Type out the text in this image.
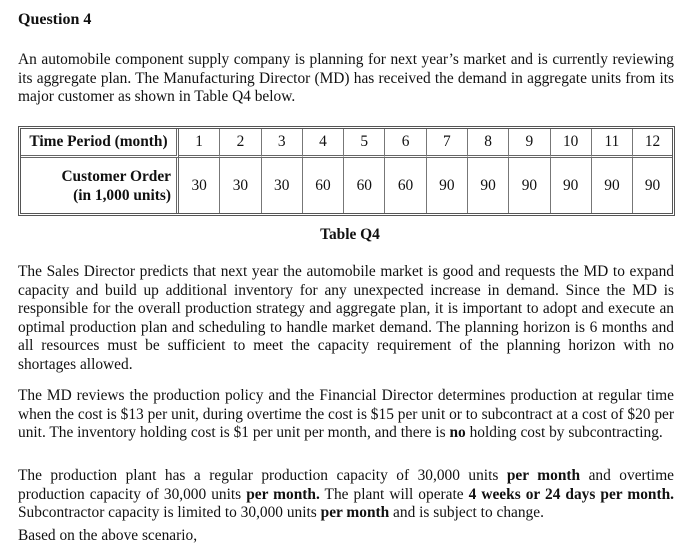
Question 4

An automobile component supply company is planning for next year’s market and is currently reviewing its aggregate plan. The Manufacturing Director (MD) has received the demand in aggregate units from its major customer as shown in Table Q4 below.

Time Period (month)	1	2	3	4	5	6	7	8	9	10	11	12
Customer Order
(in 1,000 units)	30	30	30	60	60	60	90	90	90	90	90	90
Table Q4

The Sales Director predicts that next year the automobile market is good and requests the MD to expand capacity and build up additional inventory for any unexpected increase in demand. Since the MD is responsible for the overall production strategy and aggregate plan, it is important to adopt and execute an optimal production plan and scheduling to handle market demand. The planning horizon is 6 months and all resources must be sufficient to meet the capacity requirement of the planning horizon with no shortages allowed.

The MD reviews the production policy and the Financial Director determines production at regular time when the cost is $13 per unit, during overtime the cost is $15 per unit or to subcontract at a cost of $20 per unit. The inventory holding cost is $1 per unit per month, and there is no holding cost by subcontracting.

The production plant has a regular production capacity of 30,000 units per month and overtime production capacity of 30,000 units per month. The plant will operate 4 weeks or 24 days per month. Subcontractor capacity is limited to 30,000 units per month and is subject to change.

Based on the above scenario,
